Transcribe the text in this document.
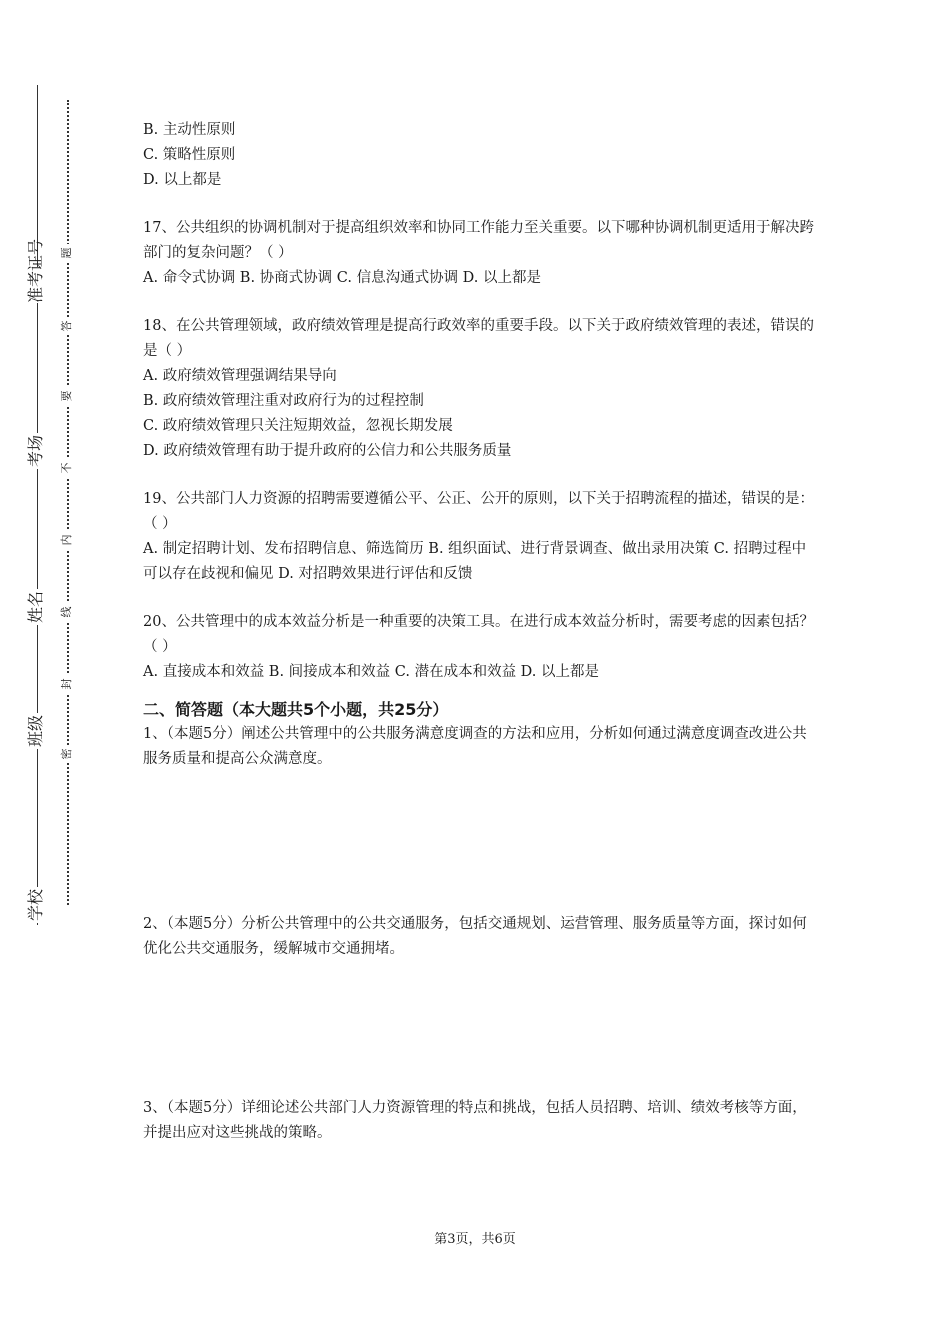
准考证号
考场
姓名
班级
学校
题
答
要
不
内
线
封
密

B. 主动性原则

C. 策略性原则

D. 以上都是

17、公共组织的协调机制对于提高组织效率和协同工作能力至关重要。以下哪种协调机制更适用于解决跨部门的复杂问题？（ ）

A. 命令式协调 B. 协商式协调 C. 信息沟通式协调 D. 以上都是

18、在公共管理领域，政府绩效管理是提高行政效率的重要手段。以下关于政府绩效管理的表述，错误的是（ ）

A. 政府绩效管理强调结果导向

B. 政府绩效管理注重对政府行为的过程控制

C. 政府绩效管理只关注短期效益，忽视长期发展

D. 政府绩效管理有助于提升政府的公信力和公共服务质量

19、公共部门人力资源的招聘需要遵循公平、公正、公开的原则，以下关于招聘流程的描述，错误的是：（ ）

A. 制定招聘计划、发布招聘信息、筛选简历 B. 组织面试、进行背景调查、做出录用决策 C. 招聘过程中可以存在歧视和偏见 D. 对招聘效果进行评估和反馈

20、公共管理中的成本效益分析是一种重要的决策工具。在进行成本效益分析时，需要考虑的因素包括？（ ）

A. 直接成本和效益 B. 间接成本和效益 C. 潜在成本和效益 D. 以上都是

二、简答题（本大题共5个小题，共25分）

1、（本题5分）阐述公共管理中的公共服务满意度调查的方法和应用，分析如何通过满意度调查改进公共服务质量和提高公众满意度。

2、（本题5分）分析公共管理中的公共交通服务，包括交通规划、运营管理、服务质量等方面，探讨如何优化公共交通服务，缓解城市交通拥堵。

3、（本题5分）详细论述公共部门人力资源管理的特点和挑战，包括人员招聘、培训、绩效考核等方面，并提出应对这些挑战的策略。

第3页，共6页
